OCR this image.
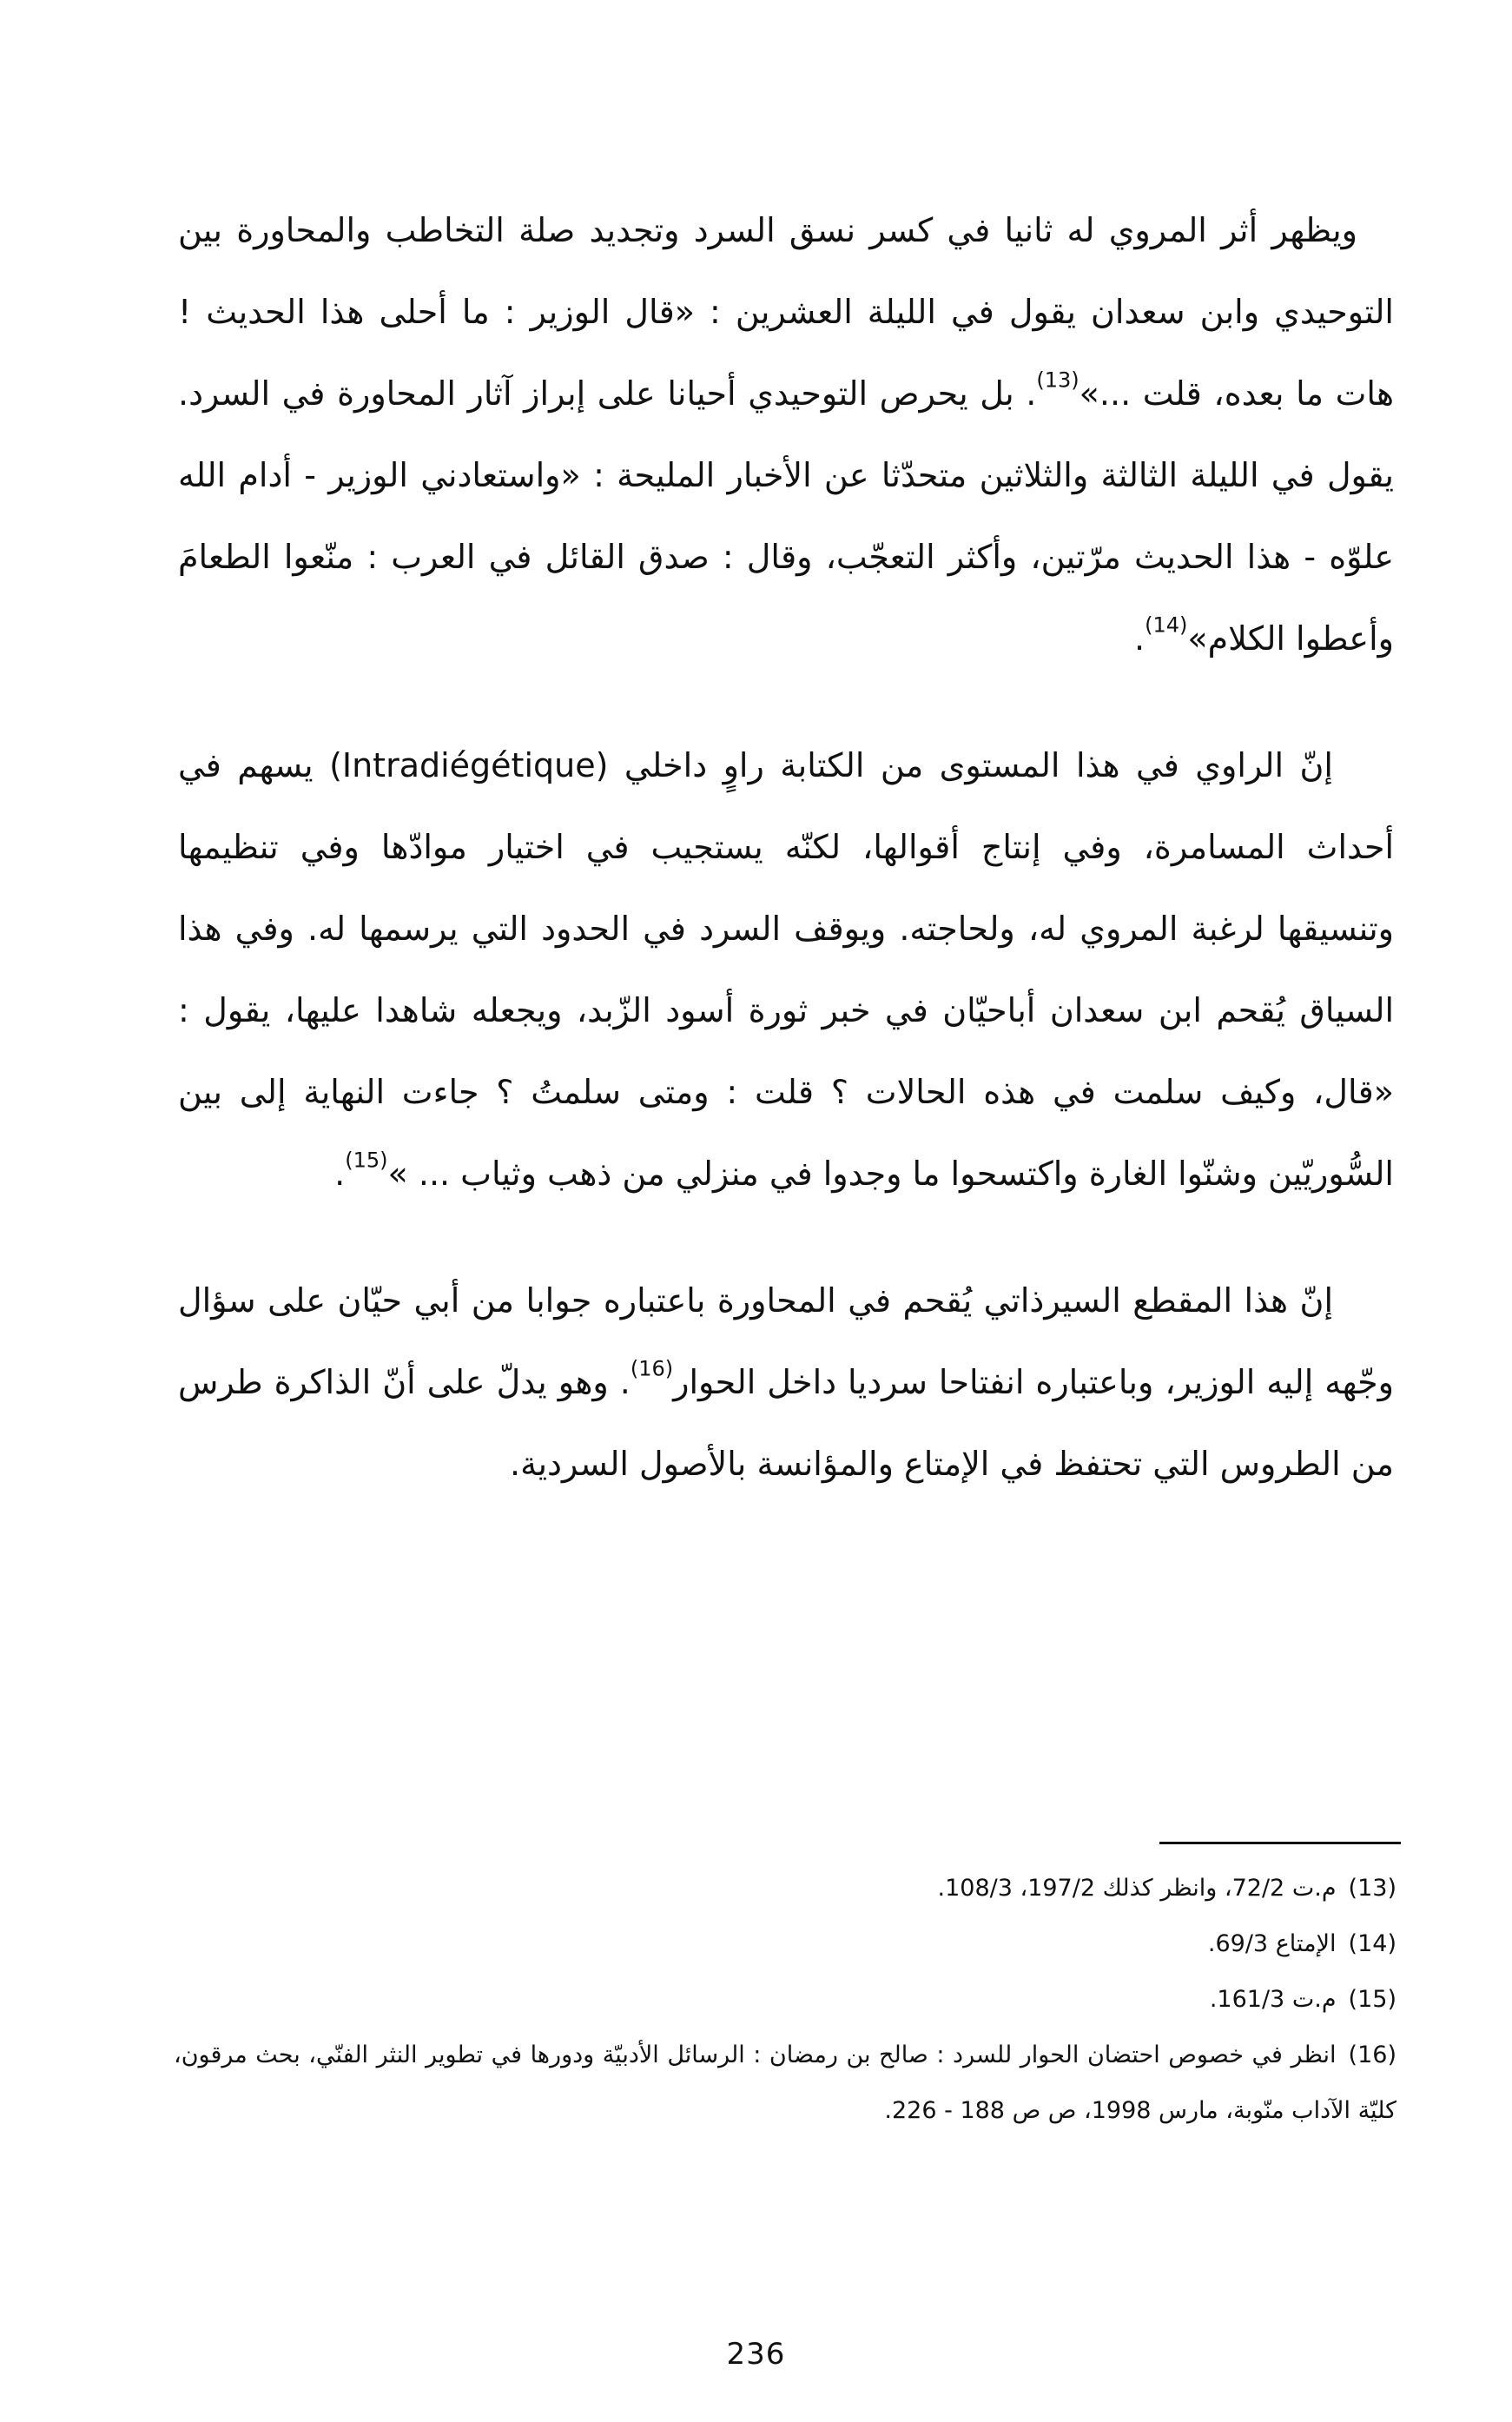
ويظهر أثر المروي له ثانيا في كسر نسق السرد وتجديد صلة التخاطب والمحاورة بين التوحيدي وابن سعدان يقول في الليلة العشرين : «قال الوزير : ما أحلى هذا الحديث ! هات ما بعده، قلت ...»$^{(13)}$. بل يحرص التوحيدي أحيانا على إبراز آثار المحاورة في السرد. يقول في الليلة الثالثة والثلاثين متحدّثا عن الأخبار المليحة : «واستعادني الوزير - أدام الله علوّه - هذا الحديث مرّتين، وأكثر التعجّب، وقال : صدق القائل في العرب : منّعوا الطعامَ وأعطوا الكلام»$^{(14)}$.

إنّ الراوي في هذا المستوى من الكتابة راوٍ داخلي (Intradiégétique) يسهم في أحداث المسامرة، وفي إنتاج أقوالها، لكنّه يستجيب في اختيار موادّها وفي تنظيمها وتنسيقها لرغبة المروي له، ولحاجته. ويوقف السرد في الحدود التي يرسمها له. وفي هذا السياق يُقحم ابن سعدان أباحيّان في خبر ثورة أسود الزّبد، ويجعله شاهدا عليها، يقول : «قال، وكيف سلمت في هذه الحالات ؟ قلت : ومتى سلمتُ ؟ جاءت النهاية إلى بين السُّوريّين وشنّوا الغارة واكتسحوا ما وجدوا في منزلي من ذهب وثياب ... »$^{(15)}$.

إنّ هذا المقطع السيرذاتي يُقحم في المحاورة باعتباره جوابا من أبي حيّان على سؤال وجّهه إليه الوزير، وباعتباره انفتاحا سرديا داخل الحوار$^{(16)}$. وهو يدلّ على أنّ الذاكرة طرس من الطروس التي تحتفظ في الإمتاع والمؤانسة بالأصول السردية.

(13)م.ت 72/2، وانظر كذلك 197/2، 108/3.

(14)الإمتاع 69/3.

(15)م.ت 161/3.

(16)انظر في خصوص احتضان الحوار للسرد : صالح بن رمضان : الرسائل الأدبيّة ودورها في تطوير النثر الفنّي، بحث مرقون، كليّة الآداب منّوبة، مارس 1998، ص ص 188 - 226.

236
